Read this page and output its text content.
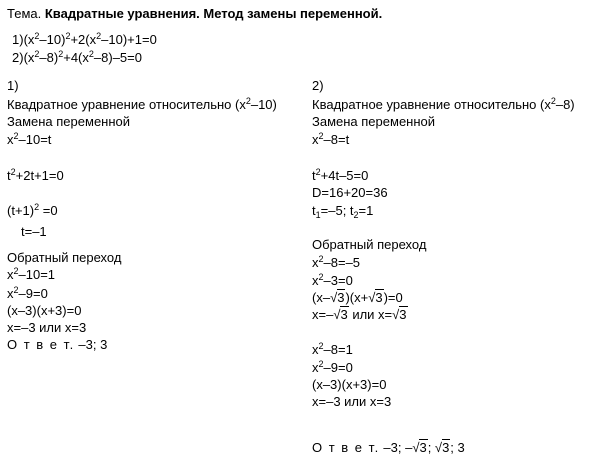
Тема. Квадратные уравнения. Метод замены переменной.
$1)(x^2-10)^2+2(x^2-10)+1=0$
$2)(x^2-8)^2+4(x^2-8)-5=0$
1)
Квадратное уравнение относительно $(x^2-10)$
Замена переменной
$x^2-10=t$
$t^2+2t+1=0$
$(t+1)^2 =0$
t=–1
Обратный переход
$x^2-10=1$
$x^2-9=0$
(x–3)(x+3)=0
x=–3 или x=3
О т в е т. –3; 3
2)
Квадратное уравнение относительно $(x^2-8)$
Замена переменной
$x^2-8=t$
$t^2+4t-5=0$
D=16+20=36
$t_1=-5$; $t_2=1$
Обратный переход
$x^2-8=-5$
$x^2-3=0$
(x–√3)(x+√3)=0
x=–√3 или x=√3
$x^2-8=1$
$x^2-9=0$
(x–3)(x+3)=0
x=–3 или x=3
О т в е т. –3; –√3; √3; 3
